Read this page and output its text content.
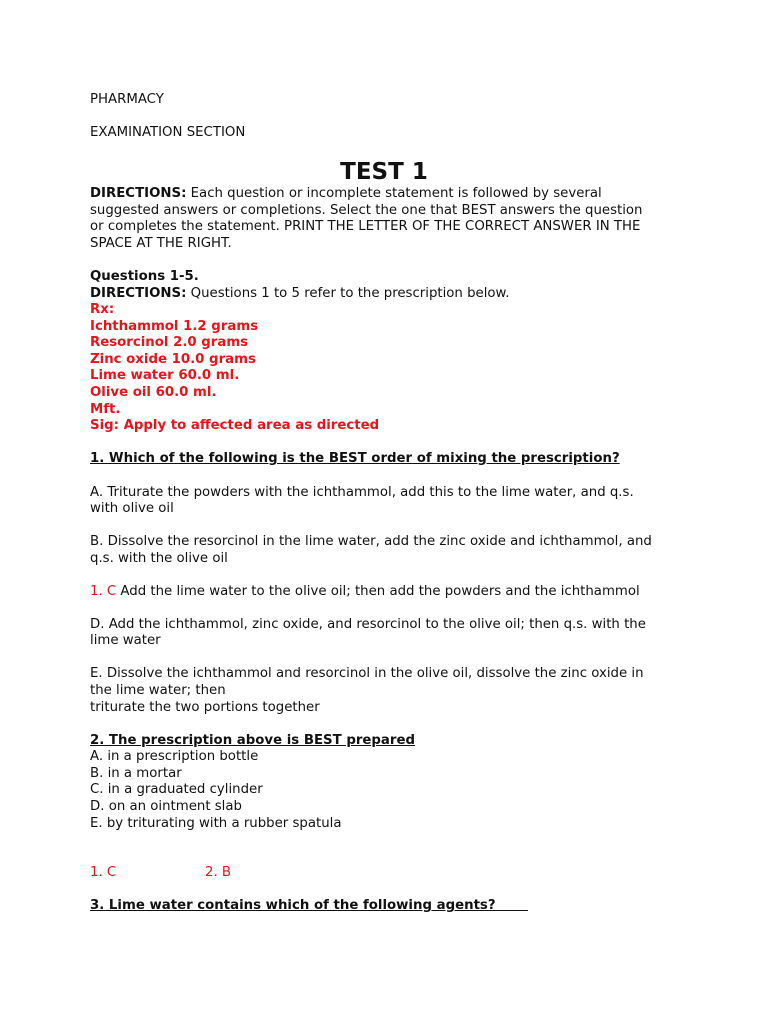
PHARMACY
EXAMINATION SECTION
TEST 1
DIRECTIONS: Each question or incomplete statement is followed by several
suggested answers or completions. Select the one that BEST answers the question
or completes the statement. PRINT THE LETTER OF THE CORRECT ANSWER IN THE
SPACE AT THE RIGHT.
Questions 1-5.
DIRECTIONS: Questions 1 to 5 refer to the prescription below.
Rx:
Ichthammol 1.2 grams
Resorcinol 2.0 grams
Zinc oxide 10.0 grams
Lime water 60.0 ml.
Olive oil 60.0 ml.
Mft.
Sig: Apply to affected area as directed
1. Which of the following is the BEST order of mixing the prescription?
A. Triturate the powders with the ichthammol, add this to the lime water, and q.s.
with olive oil
B. Dissolve the resorcinol in the lime water, add the zinc oxide and ichthammol, and
q.s. with the olive oil
1. C Add the lime water to the olive oil; then add the powders and the ichthammol
D. Add the ichthammol, zinc oxide, and resorcinol to the olive oil; then q.s. with the
lime water
E. Dissolve the ichthammol and resorcinol in the olive oil, dissolve the zinc oxide in
the lime water; then
triturate the two portions together
2. The prescription above is BEST prepared
A. in a prescription bottle
B. in a mortar
C. in a graduated cylinder
D. on an ointment slab
E. by triturating with a rubber spatula
1. C	2. B
3. Lime water contains which of the following agents?
